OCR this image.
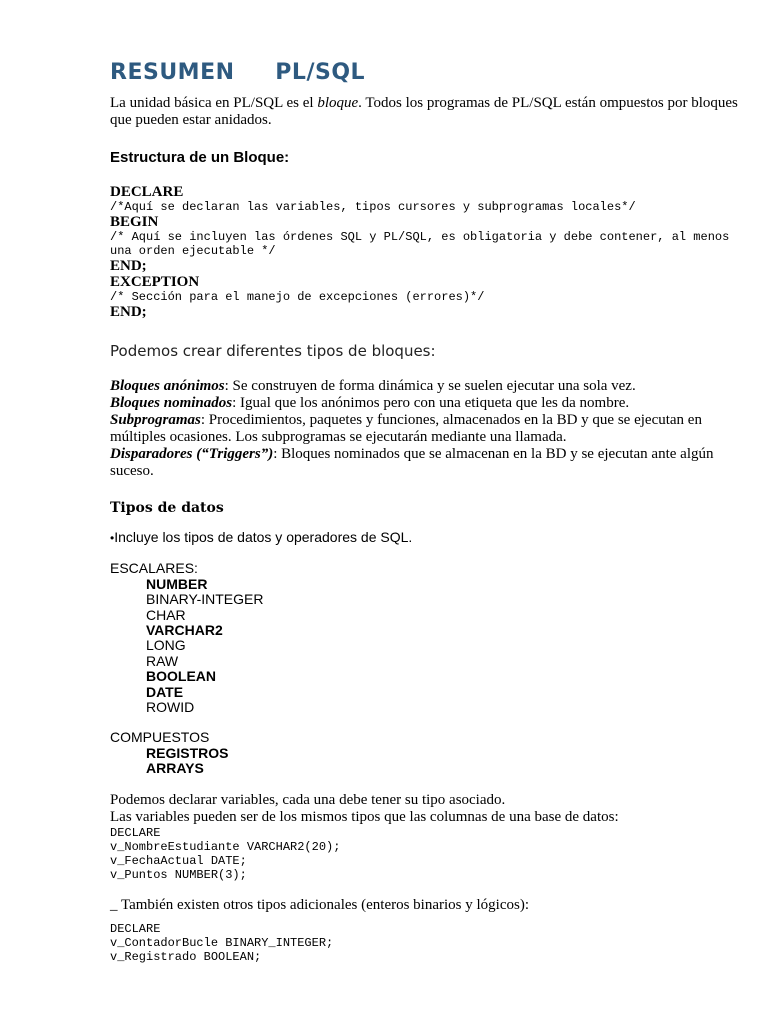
RESUMEN     PL/SQL

La unidad básica en PL/SQL es el bloque. Todos los programas de PL/SQL están ompuestos por bloques que pueden estar anidados.

Estructura de un Bloque:
DECLARE
/*Aquí se declaran las variables, tipos cursores y subprogramas locales*/
BEGIN
/* Aquí se incluyen las órdenes SQL y PL/SQL, es obligatoria y debe contener, al menos una orden ejecutable */
END;
EXCEPTION
/* Sección para el manejo de excepciones (errores)*/
END;
Podemos crear diferentes tipos de bloques:
Bloques anónimos: Se construyen de forma dinámica y se suelen ejecutar una sola vez.
Bloques nominados: Igual que los anónimos pero con una etiqueta que les da nombre.
Subprogramas: Procedimientos, paquetes y funciones, almacenados en la BD y que se ejecutan en múltiples ocasiones. Los subprogramas se ejecutarán mediante una llamada.
Disparadores (“Triggers”): Bloques nominados que se almacenan en la BD y se ejecutan ante algún suceso.
Tipos de datos
•Incluye los tipos de datos y operadores de SQL.
ESCALARES:
NUMBER
BINARY-INTEGER
CHAR
VARCHAR2
LONG
RAW
BOOLEAN
DATE
ROWID
COMPUESTOS
REGISTROS
ARRAYS
Podemos declarar variables, cada una debe tener su tipo asociado.
Las variables pueden ser de los mismos tipos que las columnas de una base de datos:
DECLARE
v_NombreEstudiante VARCHAR2(20);
v_FechaActual DATE;
v_Puntos NUMBER(3);
_ También existen otros tipos adicionales (enteros binarios y lógicos):
DECLARE
v_ContadorBucle BINARY_INTEGER;
v_Registrado BOOLEAN;
